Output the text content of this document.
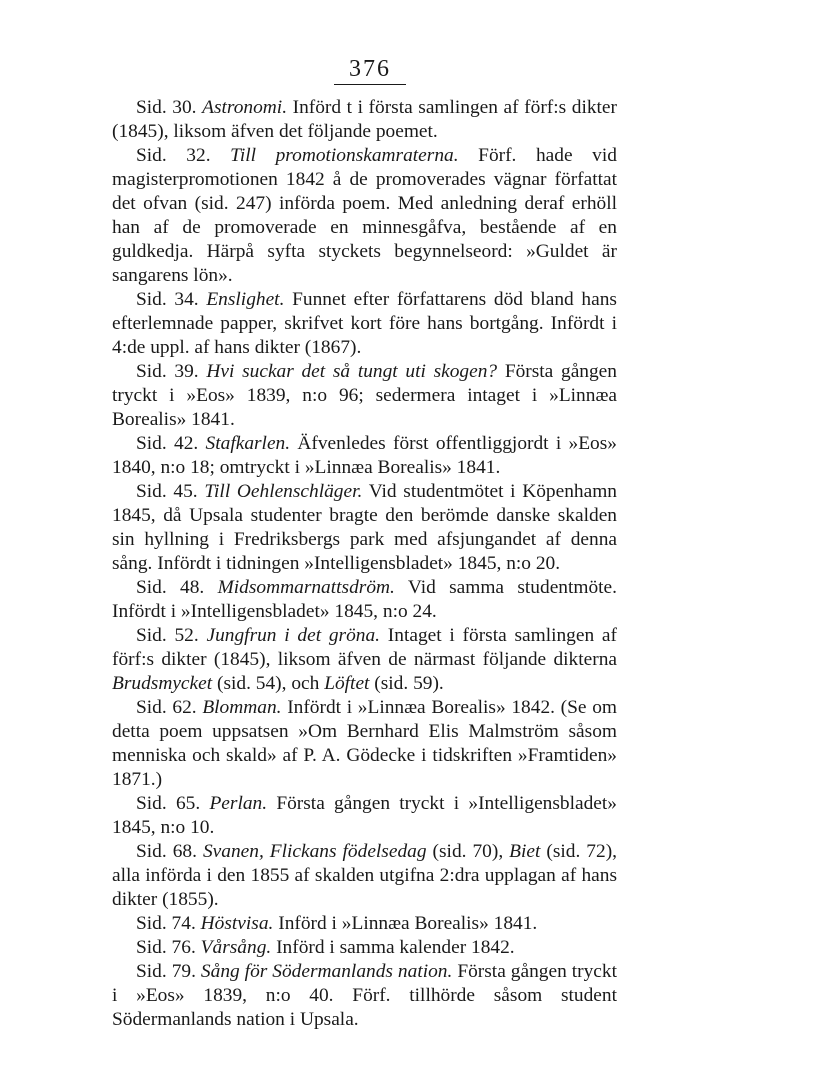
376

Sid. 30. Astronomi. Införd t i första samlingen af förf:s dikter (1845), liksom äfven det följande poemet.

Sid. 32. Till promotionskamraterna. Förf. hade vid magisterpromotionen 1842 å de promoverades vägnar författat det ofvan (sid. 247) införda poem. Med anledning deraf erhöll han af de promoverade en minnesgåfva, bestående af en guldkedja. Härpå syfta styckets begynnelseord: »Guldet är sangarens lön».

Sid. 34. Enslighet. Funnet efter författarens död bland hans efterlemnade papper, skrifvet kort före hans bortgång. Infördt i 4:de uppl. af hans dikter (1867).

Sid. 39. Hvi suckar det så tungt uti skogen? Första gången tryckt i »Eos» 1839, n:o 96; sedermera intaget i »Linnæa Borealis» 1841.

Sid. 42. Stafkarlen. Äfvenledes först offentliggjordt i »Eos» 1840, n:o 18; omtryckt i »Linnæa Borealis» 1841.

Sid. 45. Till Oehlenschläger. Vid studentmötet i Köpenhamn 1845, då Upsala studenter bragte den berömde danske skalden sin hyllning i Fredriksbergs park med afsjungandet af denna sång. Infördt i tidningen »Intelligensbladet» 1845, n:o 20.

Sid. 48. Midsommarnattsdröm. Vid samma studentmöte. Infördt i »Intelligensbladet» 1845, n:o 24.

Sid. 52. Jungfrun i det gröna. Intaget i första samlingen af förf:s dikter (1845), liksom äfven de närmast följande dikterna Brudsmycket (sid. 54), och Löftet (sid. 59).

Sid. 62. Blomman. Infördt i »Linnæa Borealis» 1842. (Se om detta poem uppsatsen »Om Bernhard Elis Malmström såsom menniska och skald» af P. A. Gödecke i tidskriften »Framtiden» 1871.)

Sid. 65. Perlan. Första gången tryckt i »Intelligensbladet» 1845, n:o 10.

Sid. 68. Svanen, Flickans födelsedag (sid. 70), Biet (sid. 72), alla införda i den 1855 af skalden utgifna 2:dra upplagan af hans dikter (1855).

Sid. 74. Höstvisa. Införd i »Linnæa Borealis» 1841.

Sid. 76. Vårsång. Införd i samma kalender 1842.

Sid. 79. Sång för Södermanlands nation. Första gången tryckt i »Eos» 1839, n:o 40. Förf. tillhörde såsom student Södermanlands nation i Upsala.
